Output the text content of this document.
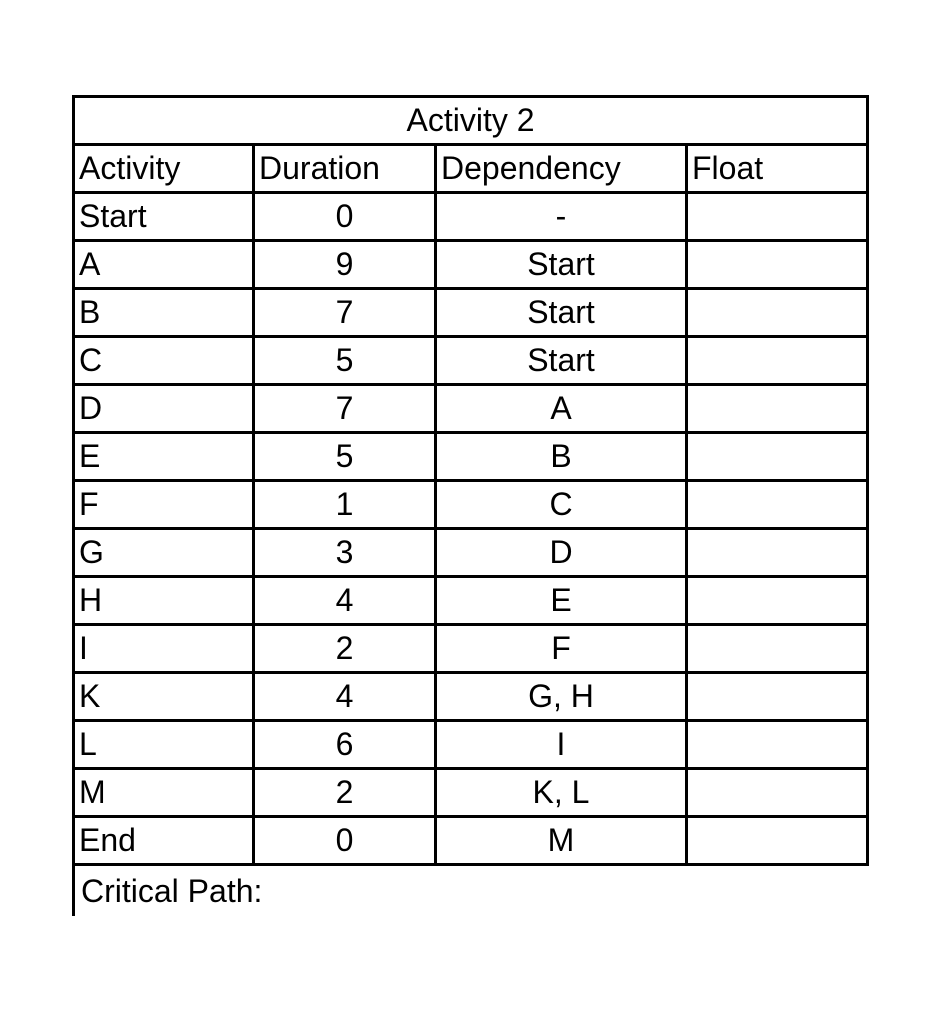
Activity 2			
Activity	Duration	Dependency	Float
Start	0	-	
A	9	Start	
B	7	Start	
C	5	Start	
D	7	A	
E	5	B	
F	1	C	
G	3	D	
H	4	E	
I	2	F	
K	4	G, H	
L	6	I	
M	2	K, L	
End	0	M	
Critical Path:
